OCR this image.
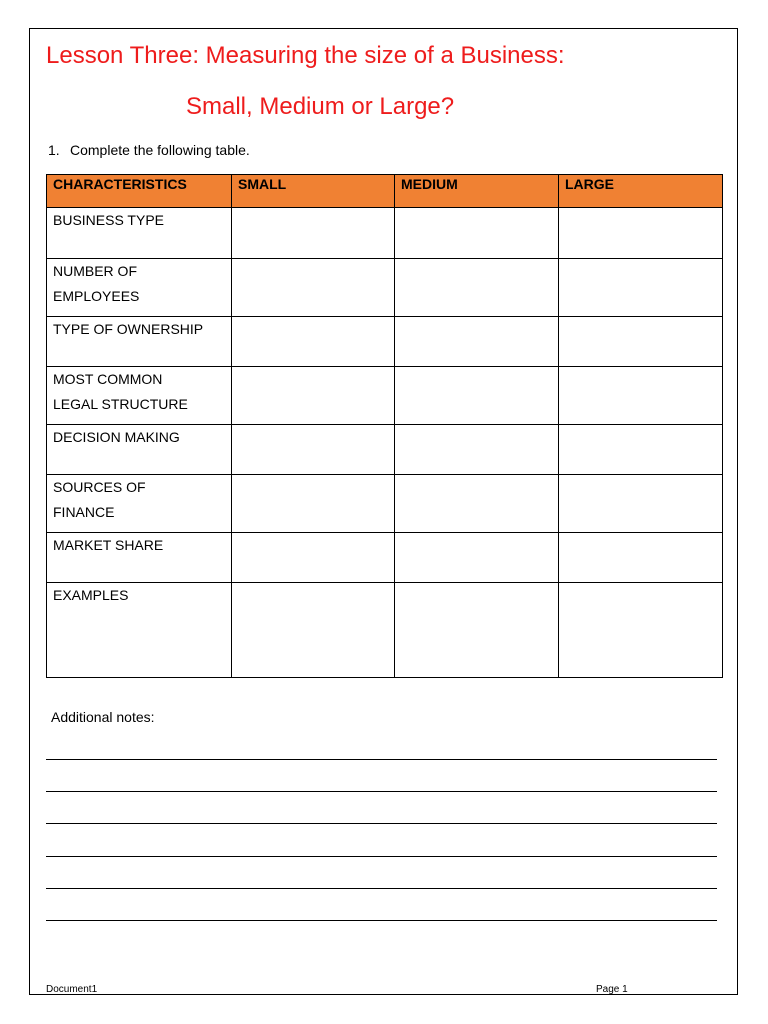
Lesson Three: Measuring the size of a Business:
Small, Medium or Large?
1. Complete the following table.
CHARACTERISTICS	SMALL	MEDIUM	LARGE

BUSINESS TYPE			

NUMBER OF
EMPLOYEES			

TYPE OF OWNERSHIP			

MOST COMMON
LEGAL STRUCTURE			

DECISION MAKING			

SOURCES OF
FINANCE			

MARKET SHARE			

EXAMPLES			

Additional notes:
Document1	Page 1
